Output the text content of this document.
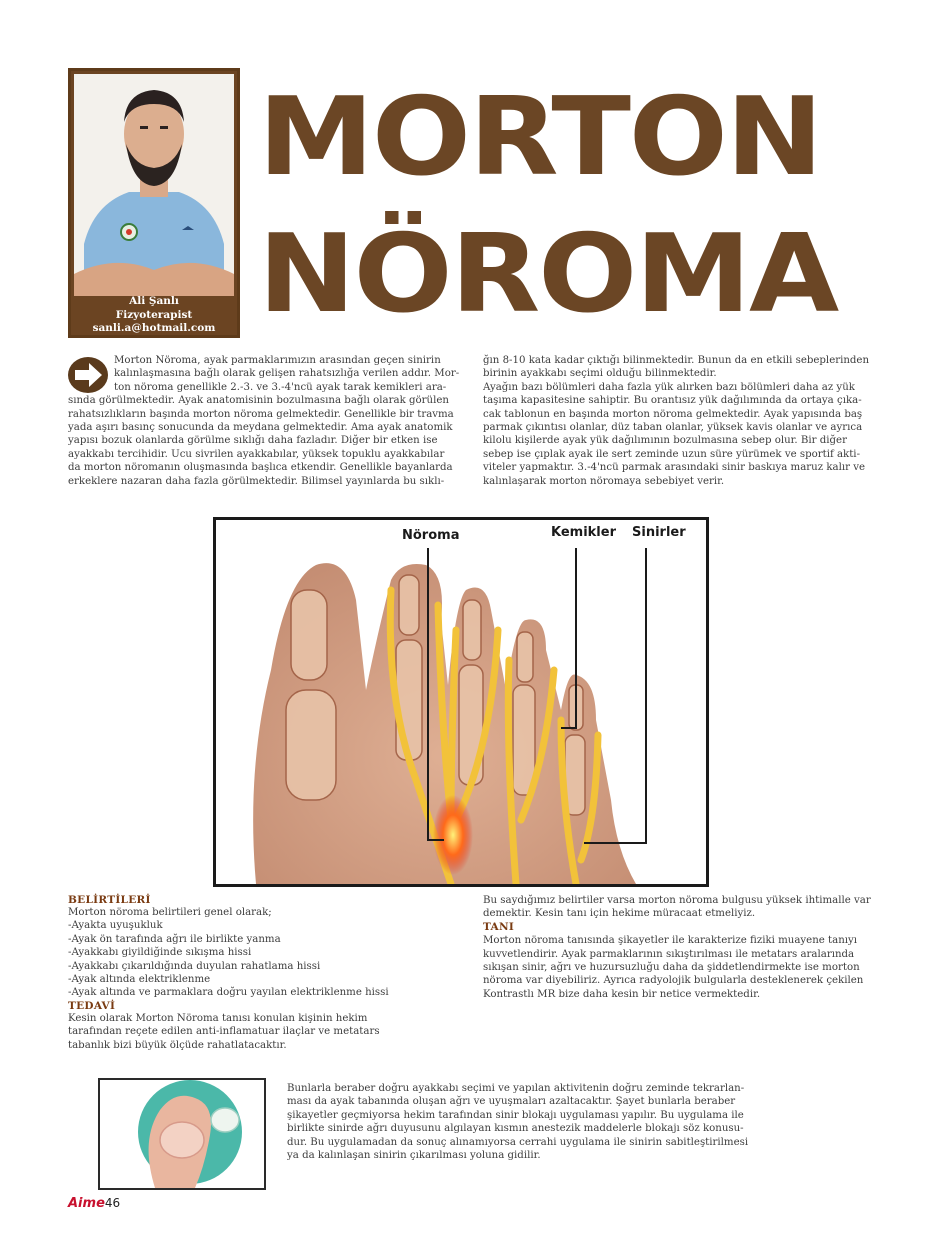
Ali Şanlı
Fizyoterapist
sanli.a@hotmail.com
MORTON
NÖROMA
Morton Nöroma, ayak parmaklarımızın arasından geçen sinirin
kalınlaşmasına bağlı olarak gelişen rahatsızlığa verilen addır. Mor-
ton nöroma genellikle 2.-3. ve 3.-4'ncü ayak tarak kemikleri ara-
sında görülmektedir. Ayak anatomisinin bozulmasına bağlı olarak görülen
rahatsızlıkların başında morton nöroma gelmektedir. Genellikle bir travma
yada aşırı basınç sonucunda da meydana gelmektedir. Ama ayak anatomik
yapısı bozuk olanlarda görülme sıklığı daha fazladır. Diğer bir etken ise
ayakkabı tercihidir. Ucu sivrilen ayakkabılar, yüksek topuklu ayakkabılar
da morton nöromanın oluşmasında başlıca etkendir. Genellikle bayanlarda
erkeklere nazaran daha fazla görülmektedir. Bilimsel yayınlarda bu sıklı-
ğın 8-10 kata kadar çıktığı bilinmektedir. Bunun da en etkili sebeplerinden
birinin ayakkabı seçimi olduğu bilinmektedir.
Ayağın bazı bölümleri daha fazla yük alırken bazı bölümleri daha az yük
taşıma kapasitesine sahiptir. Bu orantısız yük dağılımında da ortaya çıka-
cak tablonun en başında morton nöroma gelmektedir. Ayak yapısında baş
parmak çıkıntısı olanlar, düz taban olanlar, yüksek kavis olanlar ve ayrıca
kilolu kişilerde ayak yük dağılımının bozulmasına sebep olur. Bir diğer
sebep ise çıplak ayak ile sert zeminde uzun süre yürümek ve sportif akti-
viteler yapmaktır. 3.-4'ncü parmak arasındaki sinir baskıya maruz kalır ve
kalınlaşarak morton nöromaya sebebiyet verir.
Nöroma	Kemikler Sinirler
BELİRTİLERİ
Morton nöroma belirtileri genel olarak;
-Ayakta uyuşukluk
-Ayak ön tarafında ağrı ile birlikte yanma
-Ayakkabı giyildiğinde sıkışma hissi
-Ayakkabı çıkarıldığında duyulan rahatlama hissi
-Ayak altında elektriklenme
-Ayak altında ve parmaklara doğru yayılan elektriklenme hissi
TEDAVİ
Kesin olarak Morton Nöroma tanısı konulan kişinin hekim
tarafından reçete edilen anti-inflamatuar ilaçlar ve metatars
tabanlık bizi büyük ölçüde rahatlatacaktır.
Bu saydığımız belirtiler varsa morton nöroma bulgusu yüksek ihtimalle var
demektir. Kesin tanı için hekime müracaat etmeliyiz.
TANI
Morton nöroma tanısında şikayetler ile karakterize fiziki muayene tanıyı
kuvvetlendirir. Ayak parmaklarının sıkıştırılması ile metatars aralarında
sıkışan sinir, ağrı ve huzursuzluğu daha da şiddetlendirmekte ise morton
nöroma var diyebiliriz. Ayrıca radyolojik bulgularla desteklenerek çekilen
Kontrastlı MR bize daha kesin bir netice vermektedir.
Bunlarla beraber doğru ayakkabı seçimi ve yapılan aktivitenin doğru zeminde tekrarlan-
ması da ayak tabanında oluşan ağrı ve uyuşmaları azaltacaktır. Şayet bunlarla beraber
şikayetler geçmiyorsa hekim tarafından sinir blokajı uygulaması yapılır. Bu uygulama ile
birlikte sinirde ağrı duyusunu algılayan kısmın anestezik maddelerle blokajı söz konusu-
dur. Bu uygulamadan da sonuç alınamıyorsa cerrahi uygulama ile sinirin sabitleştirilmesi
ya da kalınlaşan sinirin çıkarılması yoluna gidilir.
Aime46
